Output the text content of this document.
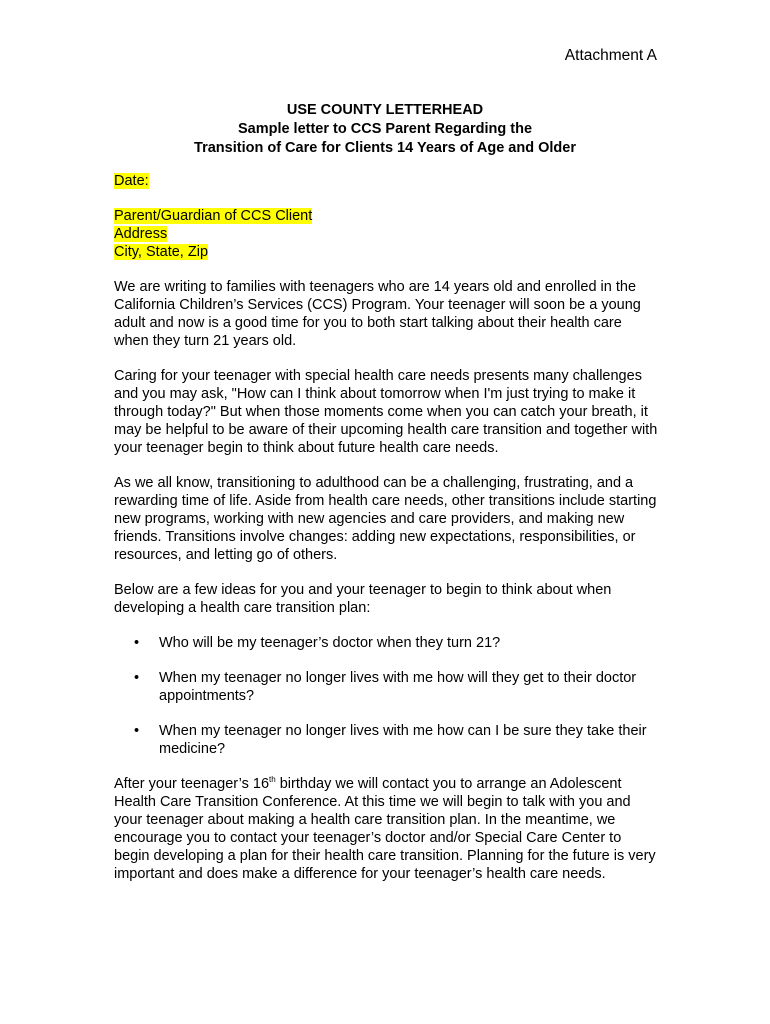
Attachment A
USE COUNTY LETTERHEAD
Sample letter to CCS Parent Regarding the
Transition of Care for Clients 14 Years of Age and Older
Date:
Parent/Guardian of CCS Client
Address
City, State, Zip

We are writing to families with teenagers who are 14 years old and enrolled in the California Children’s Services (CCS) Program. Your teenager will soon be a young adult and now is a good time for you to both start talking about their health care when they turn 21 years old.

Caring for your teenager with special health care needs presents many challenges and you may ask, "How can I think about tomorrow when I'm just trying to make it through today?" But when those moments come when you can catch your breath, it may be helpful to be aware of their upcoming health care transition and together with your teenager begin to think about future health care needs.

As we all know, transitioning to adulthood can be a challenging, frustrating, and a rewarding time of life. Aside from health care needs, other transitions include starting new programs, working with new agencies and care providers, and making new friends. Transitions involve changes: adding new expectations, responsibilities, or resources, and letting go of others.

Below are a few ideas for you and your teenager to begin to think about when developing a health care transition plan:

• Who will be my teenager’s doctor when they turn 21?
• When my teenager no longer lives with me how will they get to their doctor appointments?
• When my teenager no longer lives with me how can I be sure they take their medicine?

After your teenager’s 16th birthday we will contact you to arrange an Adolescent Health Care Transition Conference. At this time we will begin to talk with you and your teenager about making a health care transition plan. In the meantime, we encourage you to contact your teenager’s doctor and/or Special Care Center to begin developing a plan for their health care transition. Planning for the future is very important and does make a difference for your teenager’s health care needs.
